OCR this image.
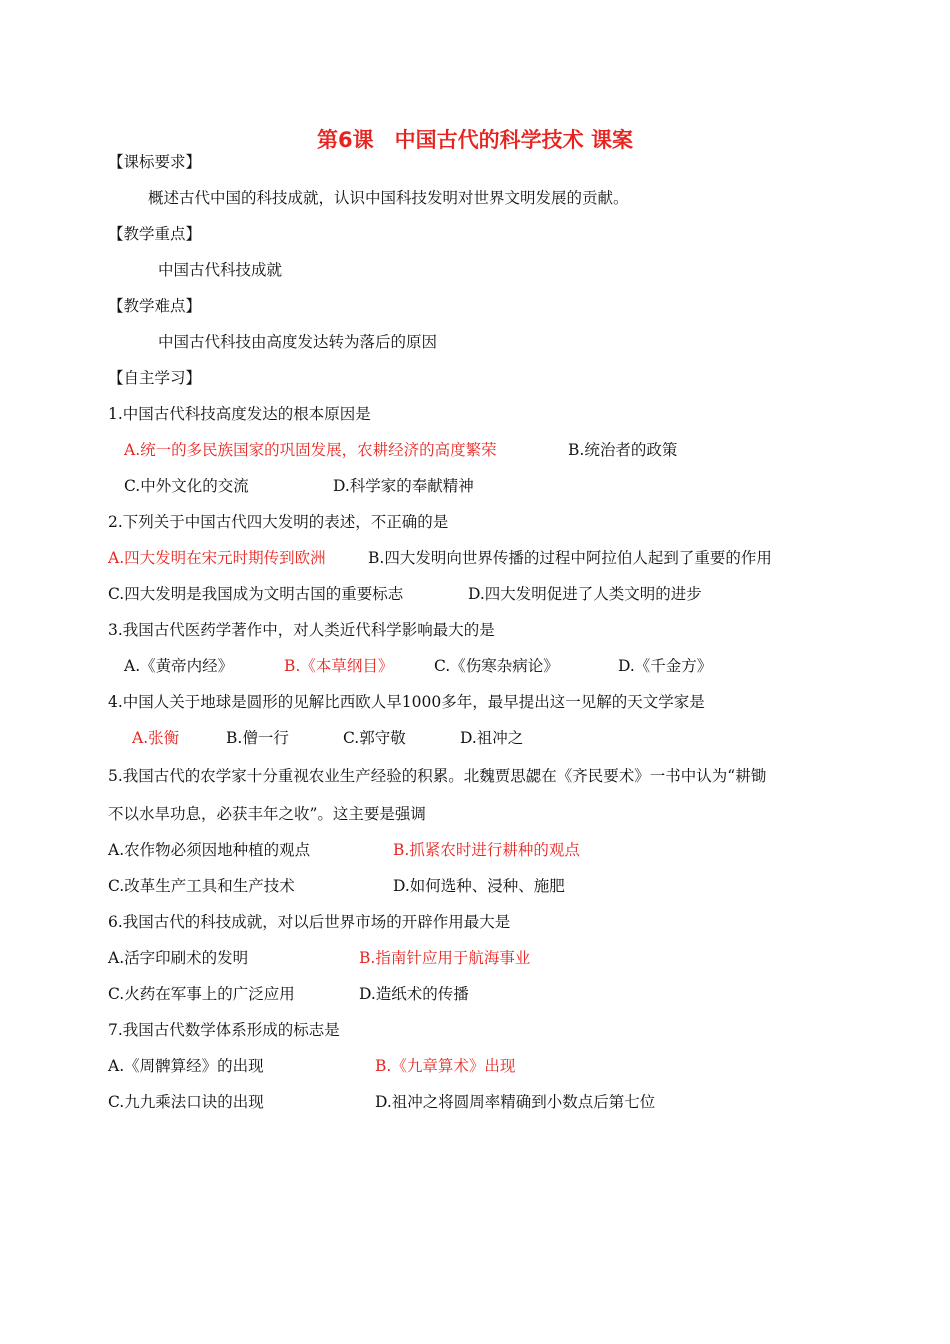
第6课　中国古代的科学技术 课案
【课标要求】
概述古代中国的科技成就，认识中国科技发明对世界文明发展的贡献。
【教学重点】
中国古代科技成就
【教学难点】
中国古代科技由高度发达转为落后的原因
【自主学习】
1.中国古代科技高度发达的根本原因是
A.统一的多民族国家的巩固发展，农耕经济的高度繁荣	B.统治者的政策
C.中外文化的交流	D.科学家的奉献精神
2.下列关于中国古代四大发明的表述，不正确的是
A.四大发明在宋元时期传到欧洲	B.四大发明向世界传播的过程中阿拉伯人起到了重要的作用
C.四大发明是我国成为文明古国的重要标志	D.四大发明促进了人类文明的进步
3.我国古代医药学著作中，对人类近代科学影响最大的是
A.《黄帝内经》	B.《本草纲目》	C.《伤寒杂病论》	D.《千金方》
4.中国人关于地球是圆形的见解比西欧人早1000多年，最早提出这一见解的天文学家是
A.张衡	B.僧一行	C.郭守敬	D.祖冲之
5.我国古代的农学家十分重视农业生产经验的积累。北魏贾思勰在《齐民要术》一书中认为“耕锄
不以水旱功息，必获丰年之收”。这主要是强调
A.农作物必须因地种植的观点	B.抓紧农时进行耕种的观点
C.改革生产工具和生产技术	D.如何选种、浸种、施肥
6.我国古代的科技成就，对以后世界市场的开辟作用最大是
A.活字印刷术的发明	B.指南针应用于航海事业
C.火药在军事上的广泛应用	D.造纸术的传播
7.我国古代数学体系形成的标志是
A.《周髀算经》的出现	B.《九章算术》出现
C.九九乘法口诀的出现	D.祖冲之将圆周率精确到小数点后第七位
